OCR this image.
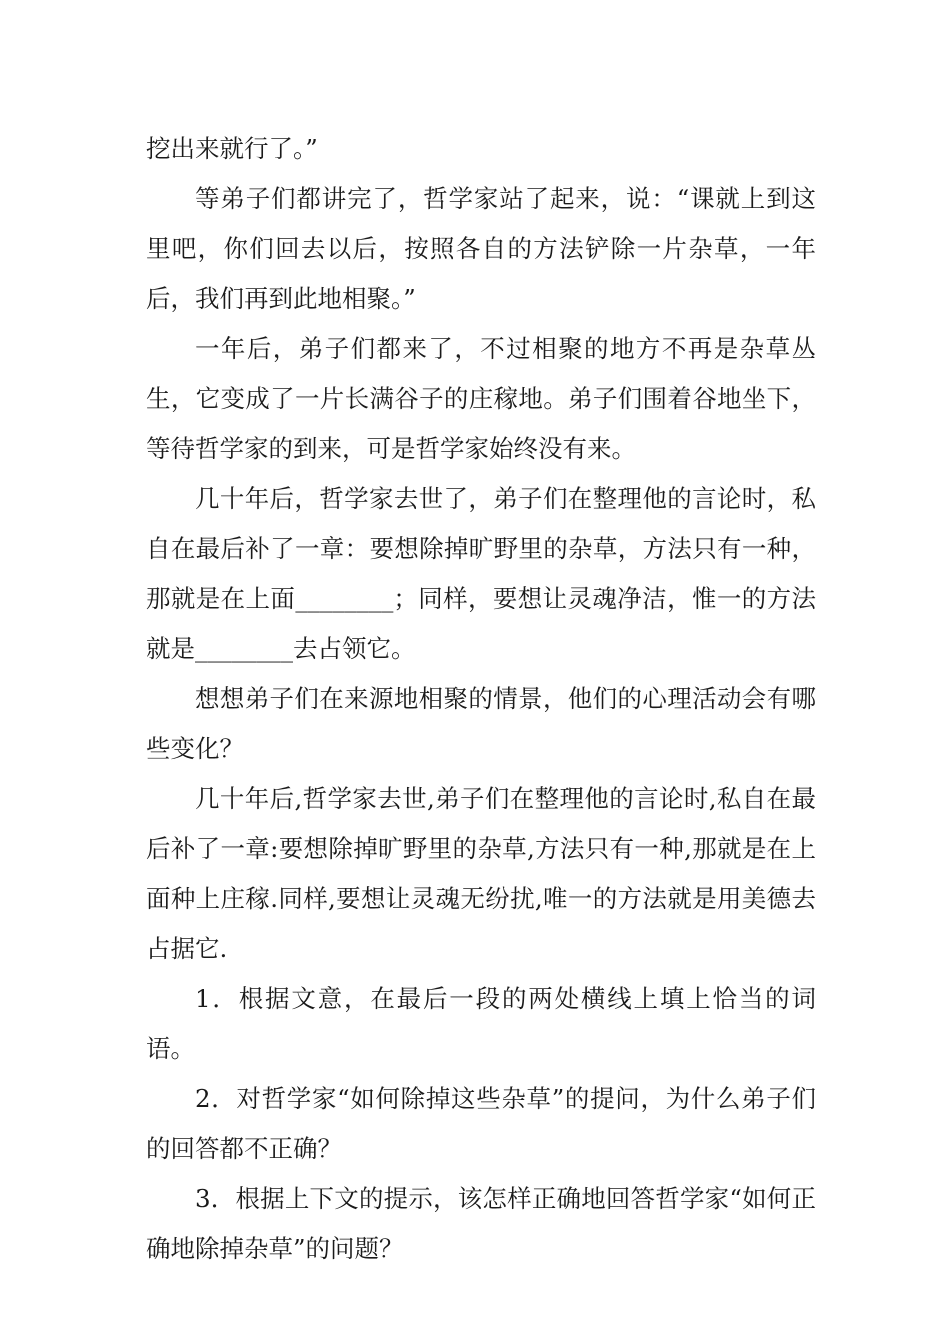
挖出来就行了。”

等弟子们都讲完了，哲学家站了起来，说：“课就上到这里吧，你们回去以后，按照各自的方法铲除一片杂草，一年后，我们再到此地相聚。”

一年后，弟子们都来了，不过相聚的地方不再是杂草丛生，它变成了一片长满谷子的庄稼地。弟子们围着谷地坐下，等待哲学家的到来，可是哲学家始终没有来。

几十年后，哲学家去世了，弟子们在整理他的言论时，私自在最后补了一章：要想除掉旷野里的杂草，方法只有一种，那就是在上面________；同样，要想让灵魂净洁，惟一的方法就是________去占领它。

想想弟子们在来源地相聚的情景，他们的心理活动会有哪些变化？

几十年后,哲学家去世,弟子们在整理他的言论时,私自在最后补了一章:要想除掉旷野里的杂草,方法只有一种,那就是在上面种上庄稼.同样,要想让灵魂无纷扰,唯一的方法就是用美德去占据它.

1．根据文意，在最后一段的两处横线上填上恰当的词语。

2．对哲学家“如何除掉这些杂草”的提问，为什么弟子们的回答都不正确？

3．根据上下文的提示，该怎样正确地回答哲学家“如何正确地除掉杂草”的问题？
